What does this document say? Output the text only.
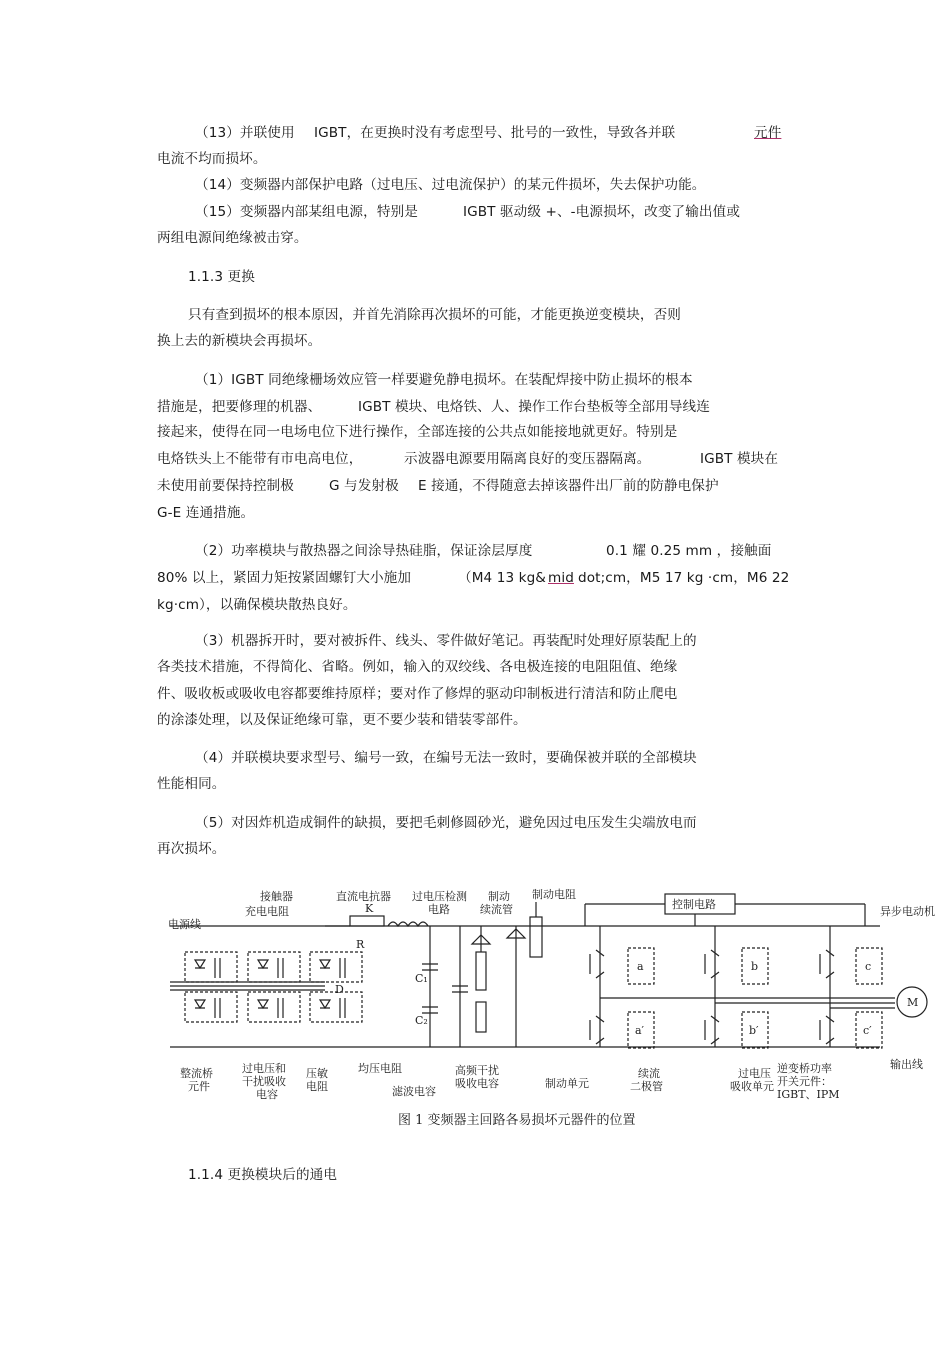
（13）并联使用 IGBT，在更换时没有考虑型号、批号的一致性，导致各并联	元件
电流不均而损坏。
（14）变频器内部保护电路（过电压、过电流保护）的某元件损坏，失去保护功能。
（15）变频器内部某组电源，特别是	IGBT 驱动级 +、-电源损坏，改变了输出值或
两组电源间绝缘被击穿。
1.1.3 更换
只有查到损坏的根本原因，并首先消除再次损坏的可能，才能更换逆变模块，否则
换上去的新模块会再损坏。
（1）IGBT 同绝缘栅场效应管一样要避免静电损坏。在装配焊接中防止损坏的根本
措施是，把要修理的机器、	IGBT 模块、电烙铁、人、操作工作台垫板等全部用导线连
接起来，使得在同一电场电位下进行操作，全部连接的公共点如能接地就更好。特别是
电烙铁头上不能带有市电高电位，	示波器电源要用隔离良好的变压器隔离。	IGBT 模块在
未使用前要保持控制极	G 与发射极 E 接通，不得随意去掉该器件出厂前的防静电保护
G-E 连通措施。
（2）功率模块与散热器之间涂导热硅脂，保证涂层厚度	0.1 耀 0.25 mm ，接触面
80% 以上，紧固力矩按紧固螺钉大小施加	（M4 13 kg& mid dot;cm，M5 17 kg ·cm，M6 22
kg·cm），以确保模块散热良好。
（3）机器拆开时，要对被拆件、线头、零件做好笔记。再装配时处理好原装配上的
各类技术措施，不得简化、省略。例如，输入的双绞线、各电极连接的电阻阻值、绝缘
件、吸收板或吸收电容都要维持原样；要对作了修焊的驱动印制板进行清洁和防止爬电
的涂漆处理，以及保证绝缘可靠，更不要少装和错装零部件。
（4）并联模块要求型号、编号一致，在编号无法一致时，要确保被并联的全部模块
性能相同。
（5）对因炸机造成铜件的缺损，要把毛刺修圆砂光，避免因过电压发生尖端放电而
再次损坏。
接触器
充电电阻	K
R
直流电抗器 过电压检测
电路
制动
续流管
制动电阻
控制电路
异步电动机
电源线
C₁
C₂
D
M
a	b	c
a′	b′	c′
整流桥
元件
过电压和
干扰吸收
电容
压敏
电阻
均压电阻
滤波电容
高频干扰
吸收电容	制动单元
续流
二极管
过电压
吸收单元
逆变桥功率
开关元件：
IGBT、IPM
输出线
图 1 变频器主回路各易损坏元器件的位置
1.1.4 更换模块后的通电
